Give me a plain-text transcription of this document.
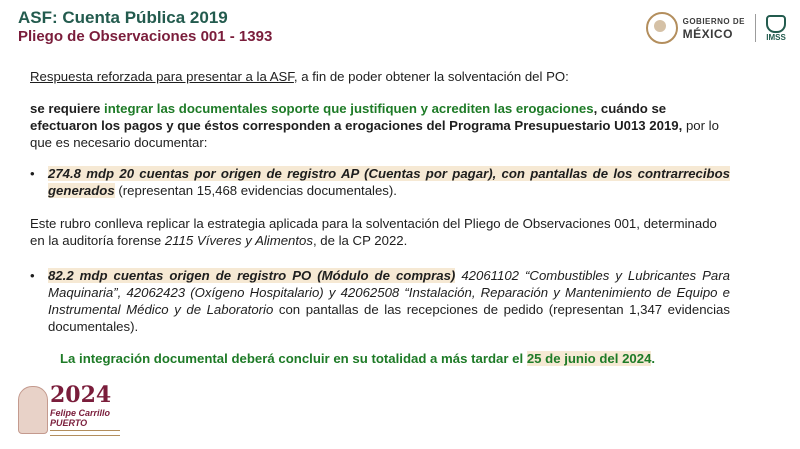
ASF: Cuenta Pública 2019
Pliego de Observaciones 001 - 1393
GOBIERNO DE
MÉXICO	IMSS

Respuesta reforzada para presentar a la ASF, a fin de poder obtener la solventación del PO:

se requiere integrar las documentales soporte que justifiquen y acrediten las erogaciones, cuándo se efectuaron los pagos y que éstos corresponden a erogaciones del Programa Presupuestario U013 2019, por lo que es necesario documentar:

• 274.8 mdp 20 cuentas por origen de registro AP (Cuentas por pagar), con pantallas de los contrarrecibos generados (representan 15,468 evidencias documentales).

Este rubro conlleva replicar la estrategia aplicada para la solventación del Pliego de Observaciones 001, determinado en la auditoría forense 2115 Víveres y Alimentos, de la CP 2022.

• 82.2 mdp cuentas origen de registro PO (Módulo de compras) 42061102 “Combustibles y Lubricantes Para Maquinaria”, 42062423 (Oxígeno Hospitalario) y 42062508 “Instalación, Reparación y Mantenimiento de Equipo e Instrumental Médico y de Laboratorio con pantallas de las recepciones de pedido (representan 1,347 evidencias documentales).

La integración documental deberá concluir en su totalidad a más tardar el 25 de junio del 2024.

2024
Felipe Carrillo
PUERTO
